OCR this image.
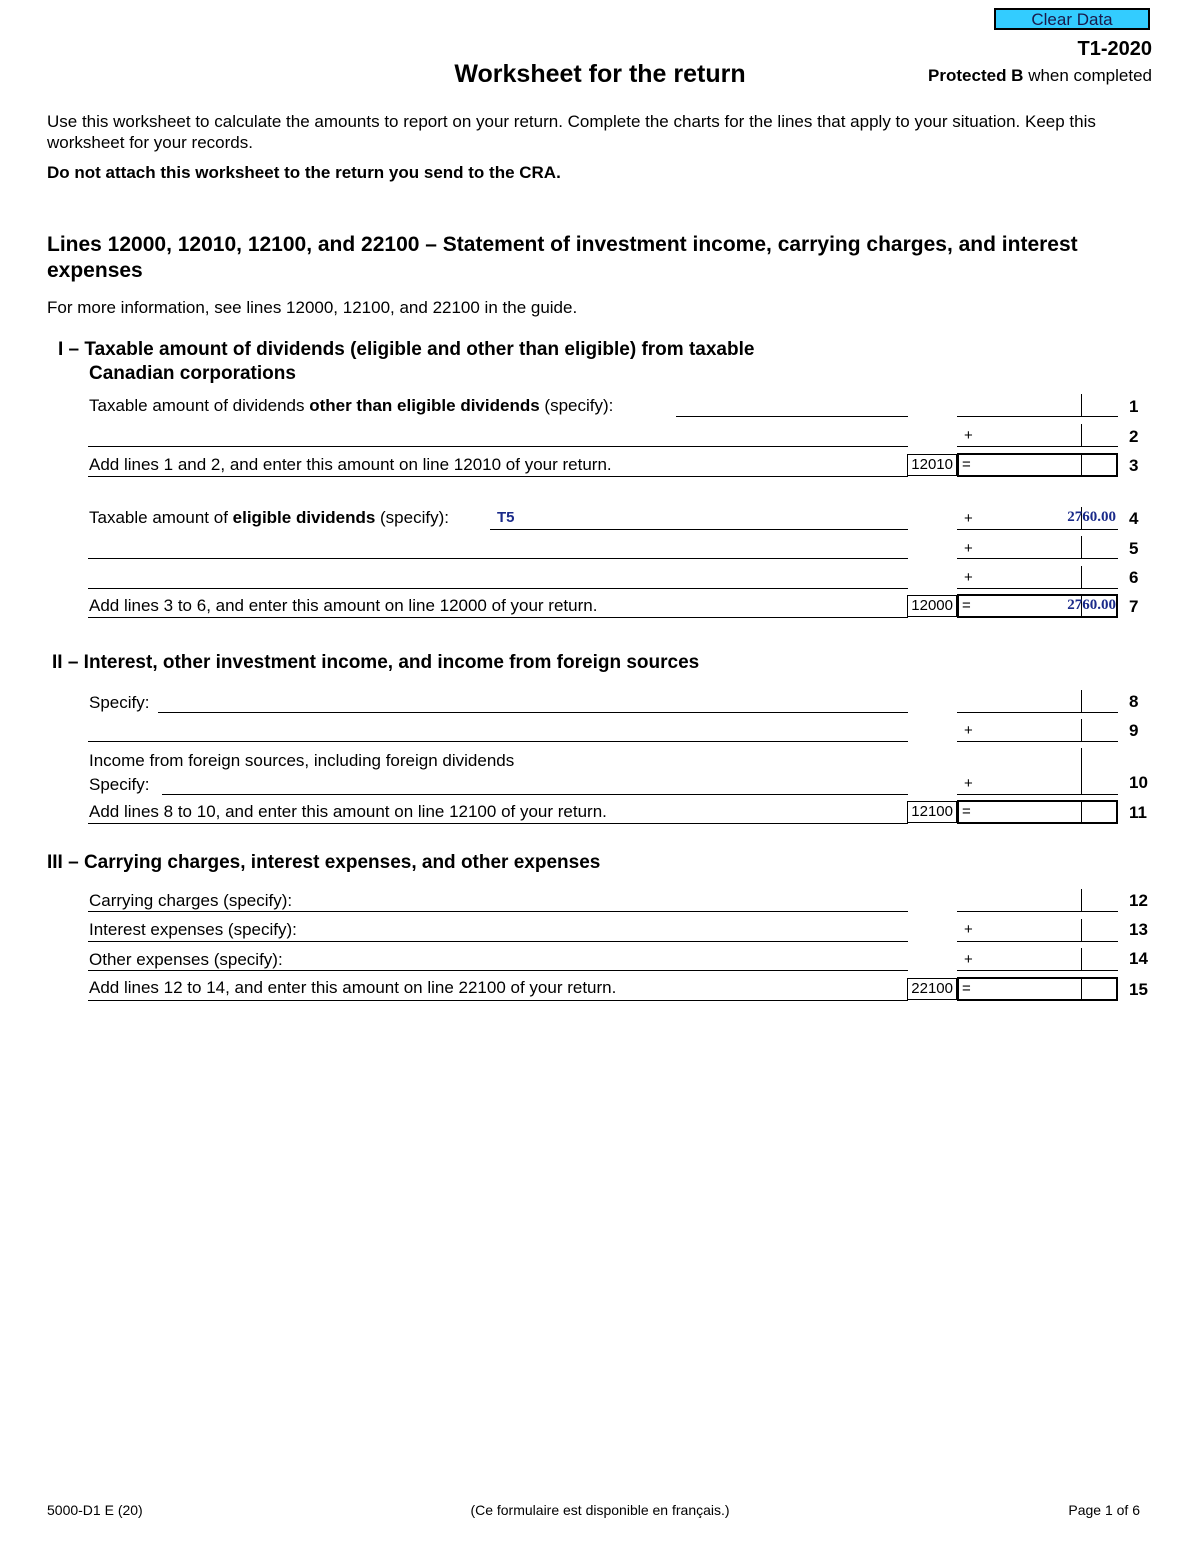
Clear Data
T1-2020
Protected B when completed
Worksheet for the return
Use this worksheet to calculate the amounts to report on your return. Complete the charts for the lines that apply to your situation. Keep this worksheet for your records.
Do not attach this worksheet to the return you send to the CRA.
Lines 12000, 12010, 12100, and 22100 – Statement of investment income, carrying charges, and interest expenses
For more information, see lines 12000, 12100, and 22100 in the guide.
I – Taxable amount of dividends (eligible and other than eligible) from taxable
Canadian corporations
Taxable amount of dividends other than eligible dividends (specify):	1
+	2
Add lines 1 and 2, and enter this amount on line 12010 of your return.	12010 =	3
Taxable amount of eligible dividends (specify):	T5	+	2760.00 4
+	5
+	6
Add lines 3 to 6, and enter this amount on line 12000 of your return.	12000 =	2760.00 7
II – Interest, other investment income, and income from foreign sources
Specify:	8
+	9
Income from foreign sources, including foreign dividends
Specify:	+	10
Add lines 8 to 10, and enter this amount on line 12100 of your return.	12100 =	11
III – Carrying charges, interest expenses, and other expenses
Carrying charges (specify):	12
Interest expenses (specify):	+	13
Other expenses (specify):	+	14
Add lines 12 to 14, and enter this amount on line 22100 of your return.	22100 =	15
5000-D1 E (20)	(Ce formulaire est disponible en français.)	Page 1 of 6
